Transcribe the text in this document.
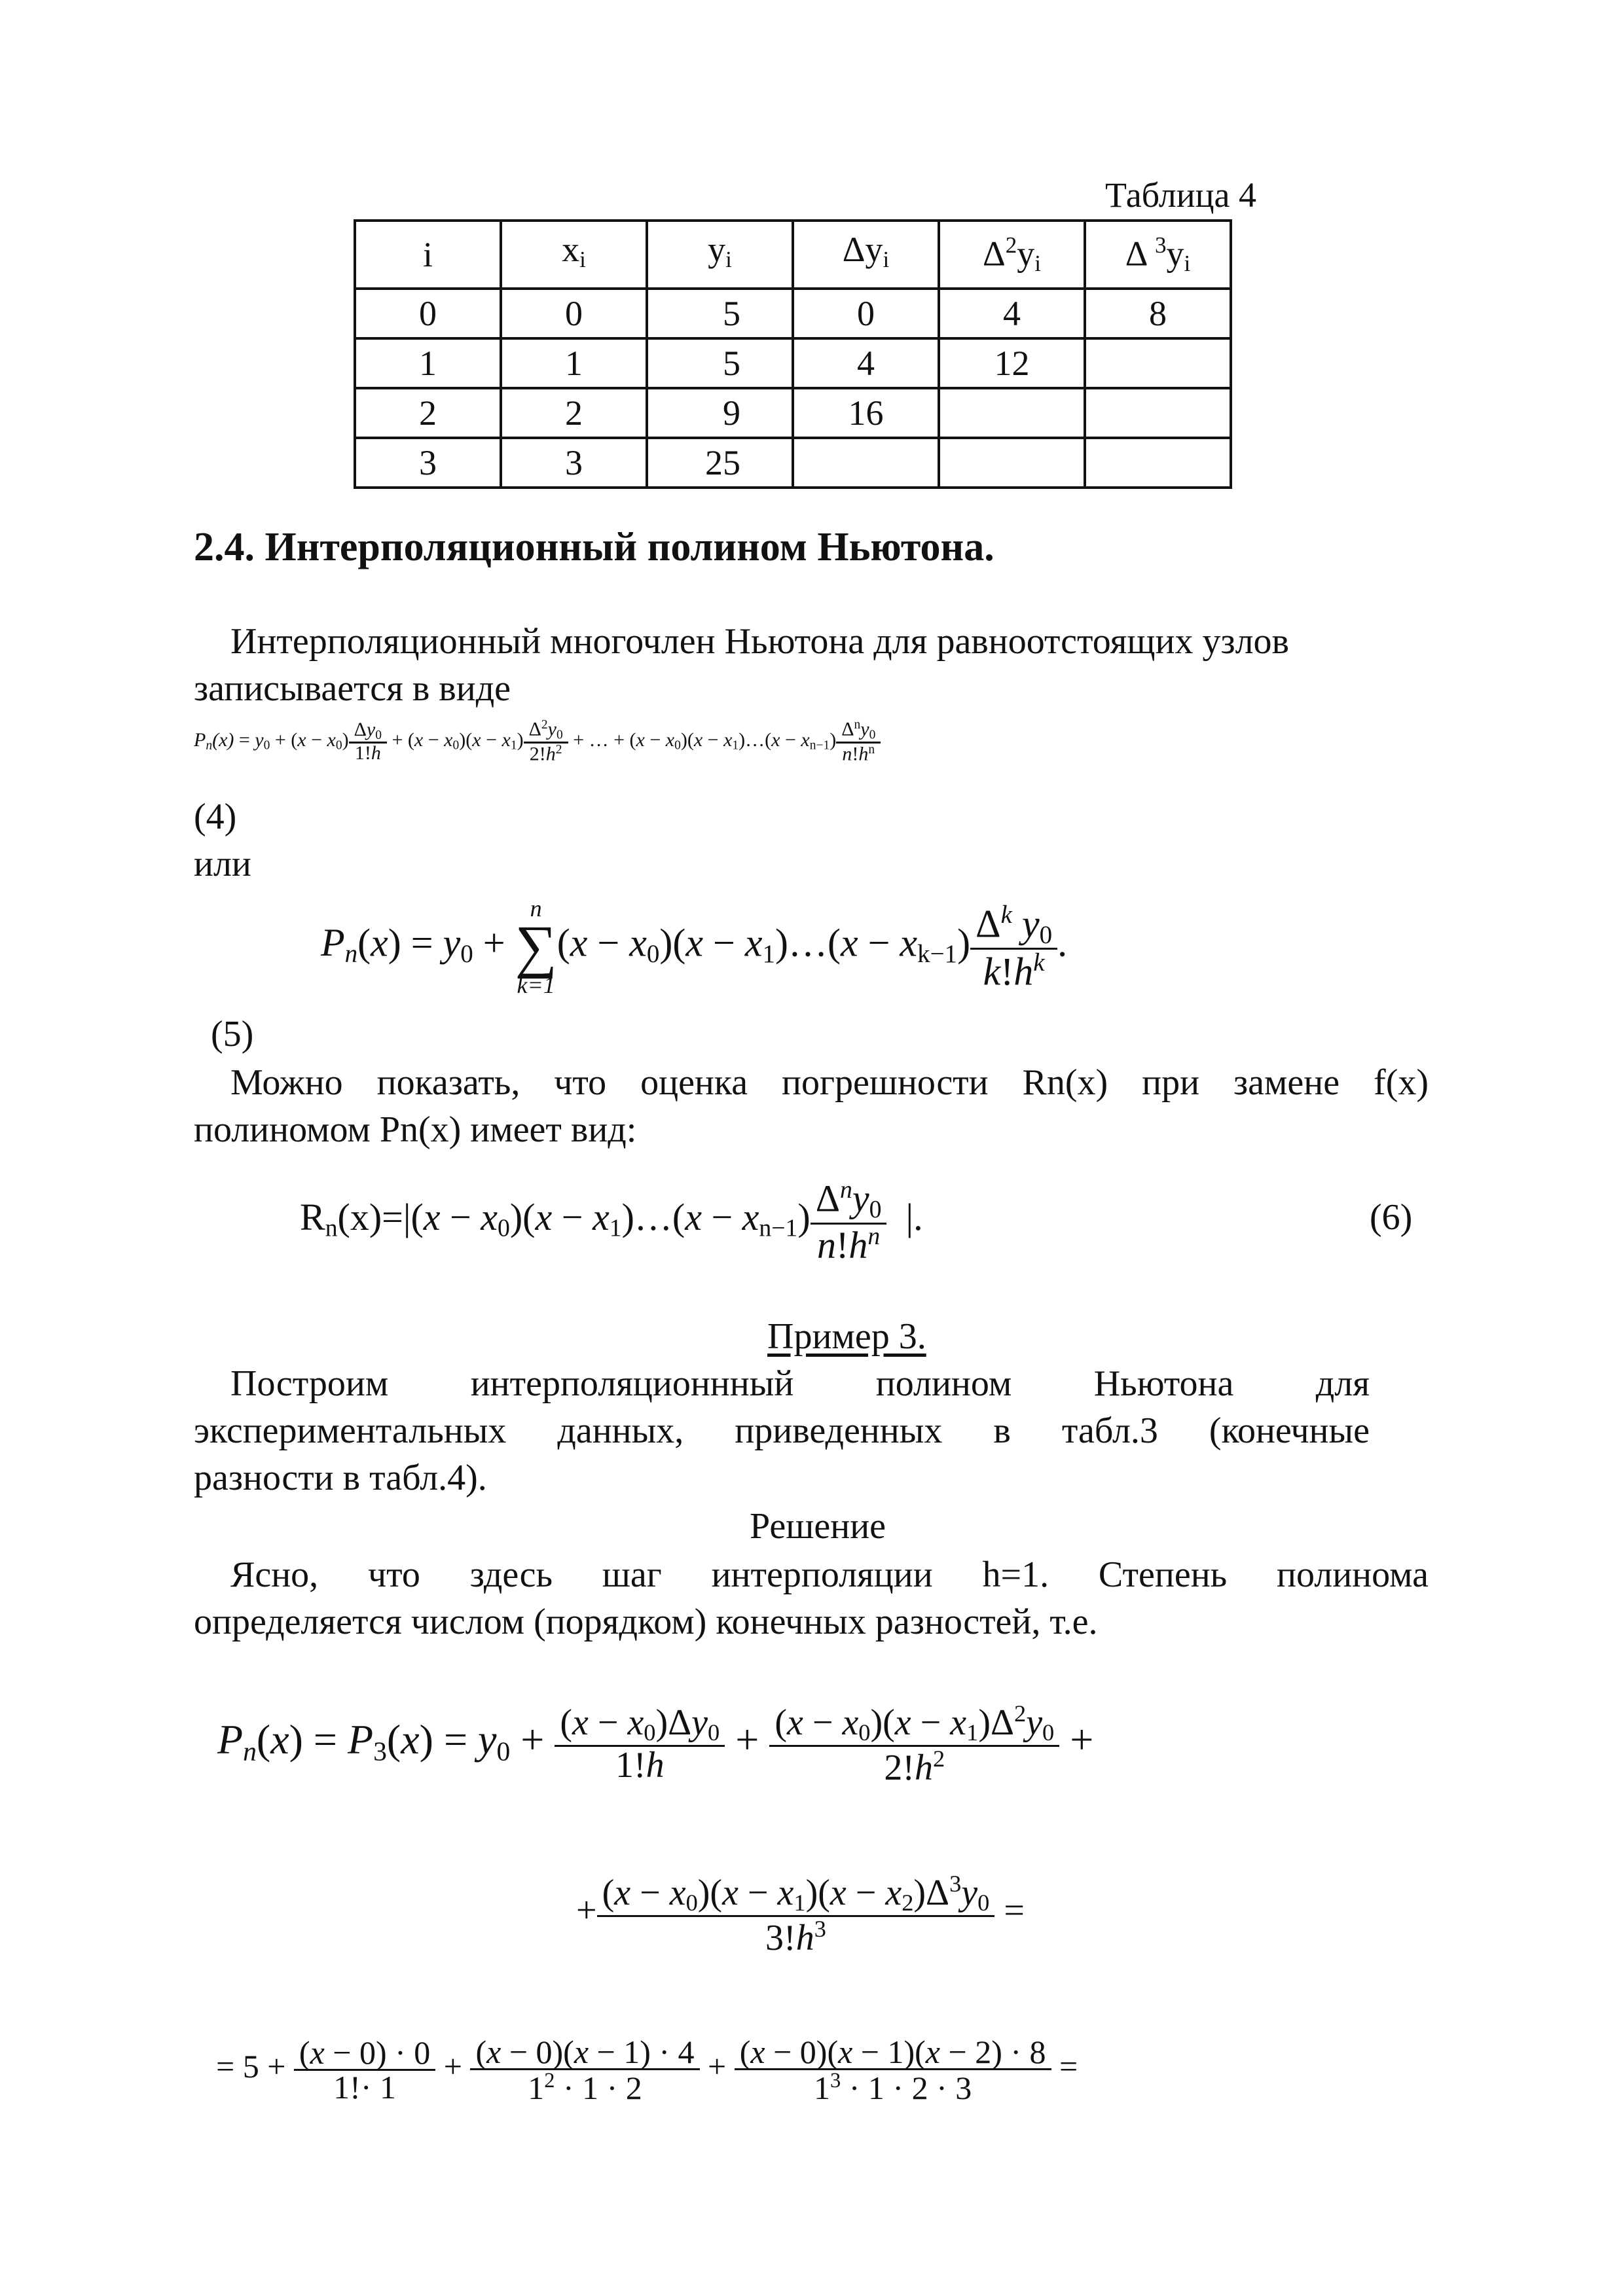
Таблица 4
i	$x_i$	$y_i$	$\Delta y_i$	$\Delta^2y_i$	Δ $^3y_i$
0	0	5	0	4	8
1	1	5	4	12	
2	2	9	16		
3	3	25			
2.4. Интерполяционный полином Ньютона.
Интерполяционный многочлен Ньютона для равноотстоящих узлов
записывается в виде
$P_n(x) = y_0 + (x - x_0) \frac{\Delta y_0}{1!h} + (x - x_0)(x - x_1) \frac{\Delta^2y_0}{2!h^2}$ + … + $(x - x_0)(x$ − $x_1)\dots(x - x_{n-1}) \frac{\Delta^ny_0}{n!h^n}$
(4)
или
$P_n(x) = y_0$ +
n
∑
k=1
$(x - x_0)(x$ − $x_1)\dots(x - x_{k-1}) \frac{\Delta^k y_0}{k!h^k}$ .
(5)
Можно показать, что оценка погрешности Rn(x) при замене f(x)
полиномом Pn(x) имеет вид:
$R_n(x)=|(x - x_0)(x$ − $x_1)\dots(x - x_{n-1}) \frac{\Delta^ny_0}{n!h^n}$ |.	(6)
Пример 3.
Построим интерполяционнный полином Ньютона для
экспериментальных данных, приведенных в табл.3 (конечные
разности в табл.4).
Решение
Ясно, что здесь шаг интерполяции h=1. Степень полинома
определяется числом (порядком) конечных разностей, т.е.
$P_n(x) = P_3(x) = y_0 + \frac{(x - x_0)\Delta y_0}{1!h} + \frac{(x - x_0)(x - x_1)\Delta^2y_0}{2!h^2}$ +
+ $\frac{(x - x_0)(x - x_1)(x - x_2)\Delta^3y_0}{3!h^3}$ =
= $5 + \frac{(x - 0) \cdot 0}{1!\cdot 1} + \frac{(x - 0)(x - 1) \cdot 4}{1^2 \cdot 1 \cdot 2} + \frac{(x - 0)(x - 1)(x - 2) \cdot 8}{1^3 \cdot 1 \cdot 2 \cdot 3}$ =
